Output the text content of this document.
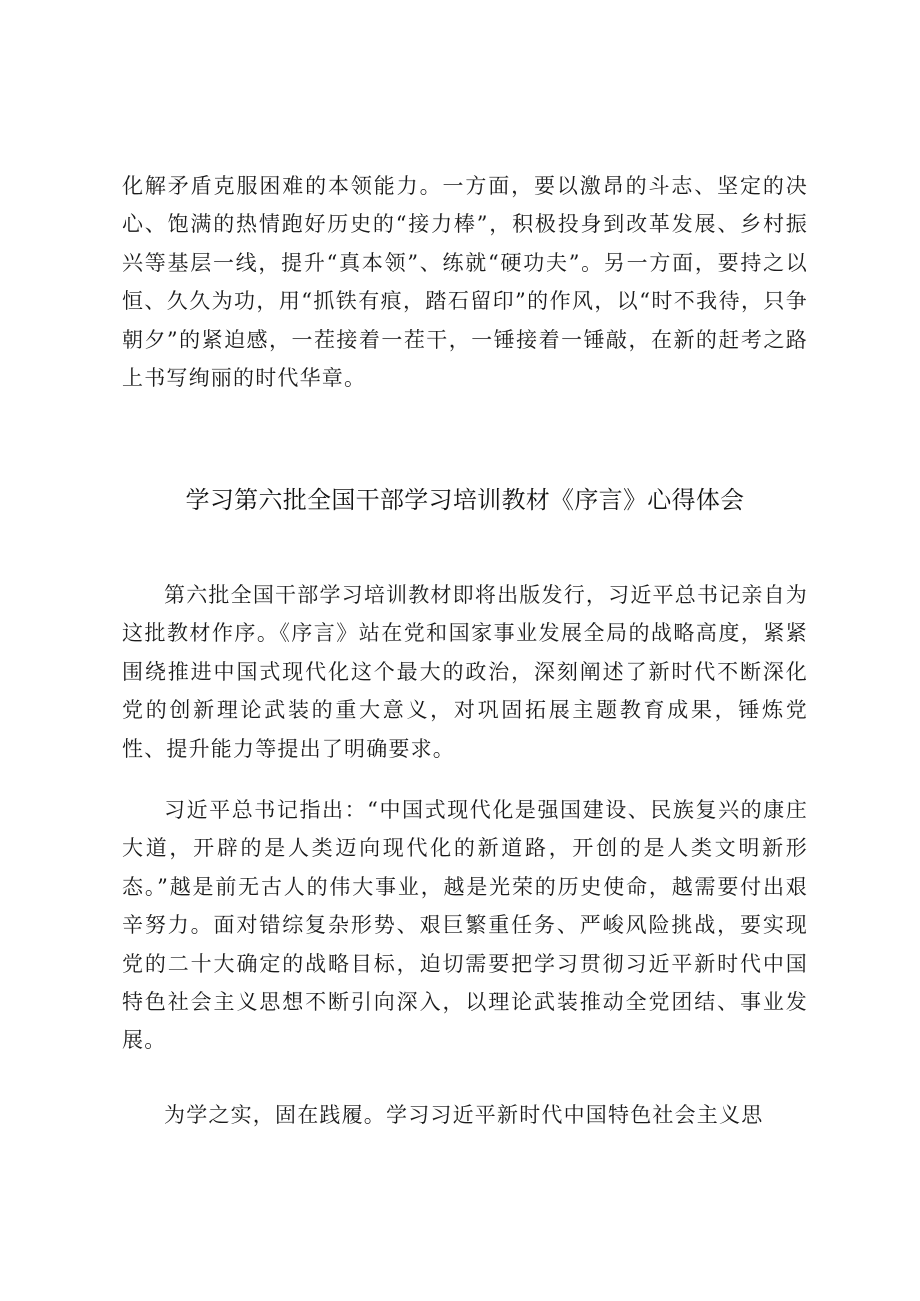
化解矛盾克服困难的本领能力。一方面，要以激昂的斗志、坚定的决心、饱满的热情跑好历史的“接力棒”，积极投身到改革发展、乡村振兴等基层一线，提升“真本领”、练就“硬功夫”。另一方面，要持之以恒、久久为功，用“抓铁有痕，踏石留印”的作风，以“时不我待，只争朝夕”的紧迫感，一茬接着一茬干，一锤接着一锤敲，在新的赶考之路上书写绚丽的时代华章。

学习第六批全国干部学习培训教材《序言》心得体会

第六批全国干部学习培训教材即将出版发行，习近平总书记亲自为这批教材作序。《序言》站在党和国家事业发展全局的战略高度，紧紧围绕推进中国式现代化这个最大的政治，深刻阐述了新时代不断深化党的创新理论武装的重大意义，对巩固拓展主题教育成果，锤炼党性、提升能力等提出了明确要求。

习近平总书记指出：“中国式现代化是强国建设、民族复兴的康庄大道，开辟的是人类迈向现代化的新道路，开创的是人类文明新形态。”越是前无古人的伟大事业，越是光荣的历史使命，越需要付出艰辛努力。面对错综复杂形势、艰巨繁重任务、严峻风险挑战，要实现党的二十大确定的战略目标，迫切需要把学习贯彻习近平新时代中国特色社会主义思想不断引向深入，以理论武装推动全党团结、事业发展。

为学之实，固在践履。学习习近平新时代中国特色社会主义思
